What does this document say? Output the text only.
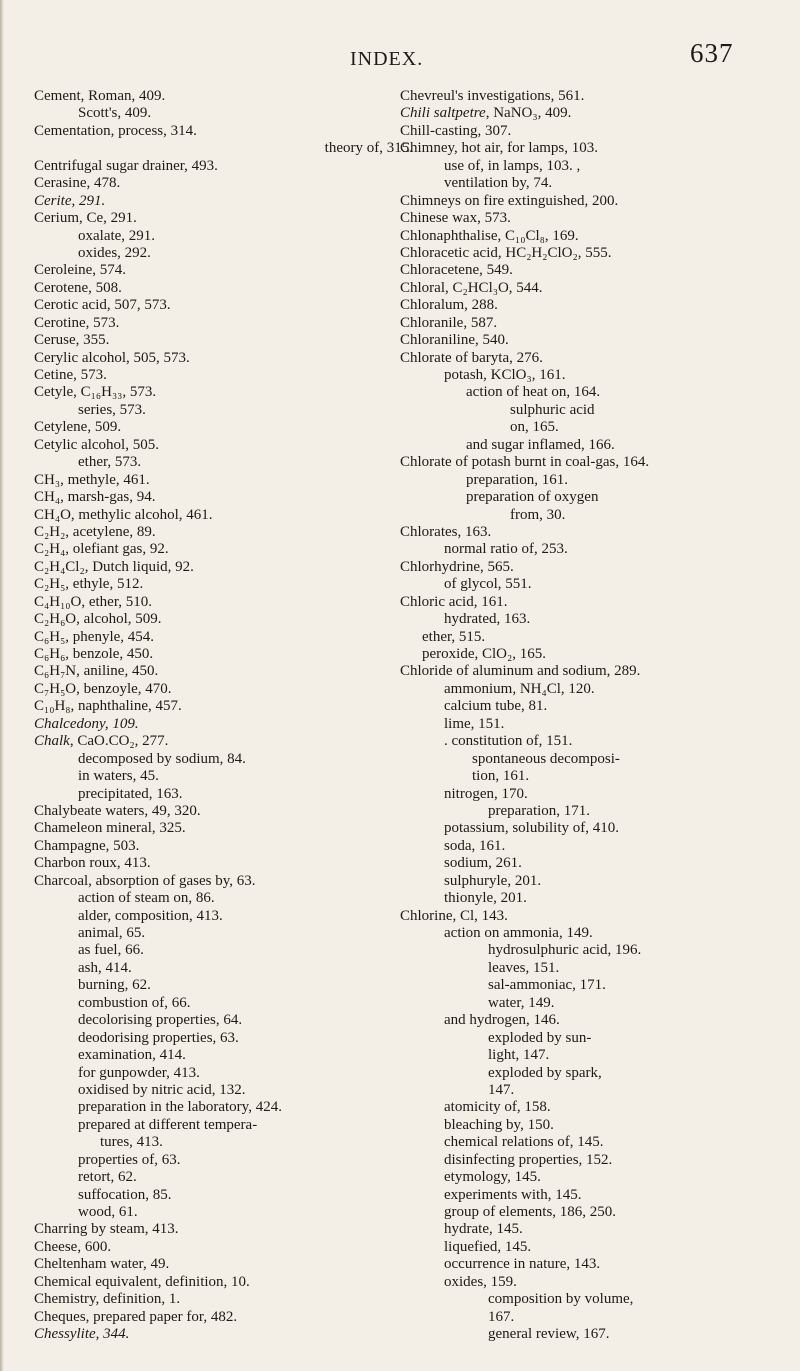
INDEX.	637
Cement, Roman, 409.
Scott's, 409.
Cementation, process, 314.
theory of, 315.
Centrifugal sugar drainer, 493.
Cerasine, 478.
Cerite, 291.
Cerium, Ce, 291.
oxalate, 291.
oxides, 292.
Ceroleine, 574.
Cerotene, 508.
Cerotic acid, 507, 573.
Cerotine, 573.
Ceruse, 355.
Cerylic alcohol, 505, 573.
Cetine, 573.
Cetyle, C₁₆H₃₃, 573.
series, 573.
Cetylene, 509.
Cetylic alcohol, 505.
ether, 573.
CH₃, methyle, 461.
CH₄, marsh-gas, 94.
CH₄O, methylic alcohol, 461.
C₂H₂, acetylene, 89.
C₂H₄, olefiant gas, 92.
C₂H₄Cl₂, Dutch liquid, 92.
C₂H₅, ethyle, 512.
C₄H₁₀O, ether, 510.
C₂H₆O, alcohol, 509.
C₆H₅, phenyle, 454.
C₆H₆, benzole, 450.
C₆H₇N, aniline, 450.
C₇H₅O, benzoyle, 470.
C₁₀H₈, naphthaline, 457.
Chalcedony, 109.
Chalk, CaO.CO₂, 277.
decomposed by sodium, 84.
in waters, 45.
precipitated, 163.
Chalybeate waters, 49, 320.
Chameleon mineral, 325.
Champagne, 503.
Charbon roux, 413.
Charcoal, absorption of gases by, 63.
action of steam on, 86.
alder, composition, 413.
animal, 65.
as fuel, 66.
ash, 414.
burning, 62.
combustion of, 66.
decolorising properties, 64.
deodorising properties, 63.
examination, 414.
for gunpowder, 413.
oxidised by nitric acid, 132.
preparation in the laboratory, 424.
prepared at different tempera-
tures, 413.
properties of, 63.
retort, 62.
suffocation, 85.
wood, 61.
Charring by steam, 413.
Cheese, 600.
Cheltenham water, 49.
Chemical equivalent, definition, 10.
Chemistry, definition, 1.
Cheques, prepared paper for, 482.
Chessylite, 344.
Chevreul's investigations, 561.
Chili saltpetre, NaNO₃, 409.
Chill-casting, 307.
Chimney, hot air, for lamps, 103.
use of, in lamps, 103. ,
ventilation by, 74.
Chimneys on fire extinguished, 200.
Chinese wax, 573.
Chlonaphthalise, C₁₀Cl₈, 169.
Chloracetic acid, HC₂H₂ClO₂, 555.
Chloracetene, 549.
Chloral, C₂HCl₃O, 544.
Chloralum, 288.
Chloranile, 587.
Chloraniline, 540.
Chlorate of baryta, 276.
potash, KClO₃, 161.
action of heat on, 164.
sulphuric acid
on, 165.
and sugar inflamed, 166.
Chlorate of potash burnt in coal-gas, 164.
preparation, 161.
preparation of oxygen
from, 30.
Chlorates, 163.
normal ratio of, 253.
Chlorhydrine, 565.
of glycol, 551.
Chloric acid, 161.
hydrated, 163.
ether, 515.
peroxide, ClO₂, 165.
Chloride of aluminum and sodium, 289.
ammonium, NH₄Cl, 120.
calcium tube, 81.
lime, 151.
. constitution of, 151.
spontaneous decomposi-
tion, 161.
nitrogen, 170.
preparation, 171.
potassium, solubility of, 410.
soda, 161.
sodium, 261.
sulphuryle, 201.
thionyle, 201.
Chlorine, Cl, 143.
action on ammonia, 149.
hydrosulphuric acid, 196.
leaves, 151.
sal-ammoniac, 171.
water, 149.
and hydrogen, 146.
exploded by sun-
light, 147.
exploded by spark,
147.
atomicity of, 158.
bleaching by, 150.
chemical relations of, 145.
disinfecting properties, 152.
etymology, 145.
experiments with, 145.
group of elements, 186, 250.
hydrate, 145.
liquefied, 145.
occurrence in nature, 143.
oxides, 159.
composition by volume,
167.
general review, 167.
